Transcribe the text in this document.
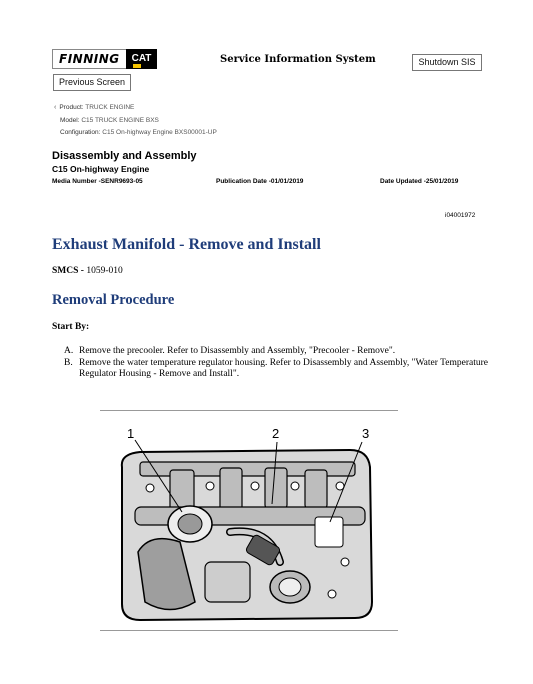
FINNING	CAT	Service Information System	Shutdown SIS
Previous Screen
‹ Product: TRUCK ENGINE
Model: C15 TRUCK ENGINE BXS
Configuration: C15 On-highway Engine BXS00001-UP
Disassembly and Assembly
C15 On-highway Engine
Media Number -SENR9693-05	Publication Date -01/01/2019	Date Updated -25/01/2019
i04001972
Exhaust Manifold - Remove and Install
SMCS - 1059-010
Removal Procedure
Start By:
A. Remove the precooler. Refer to Disassembly and Assembly, "Precooler - Remove".
B. Remove the water temperature regulator housing. Refer to Disassembly and Assembly, "Water Temperature Regulator Housing - Remove and Install".
1	2	3
